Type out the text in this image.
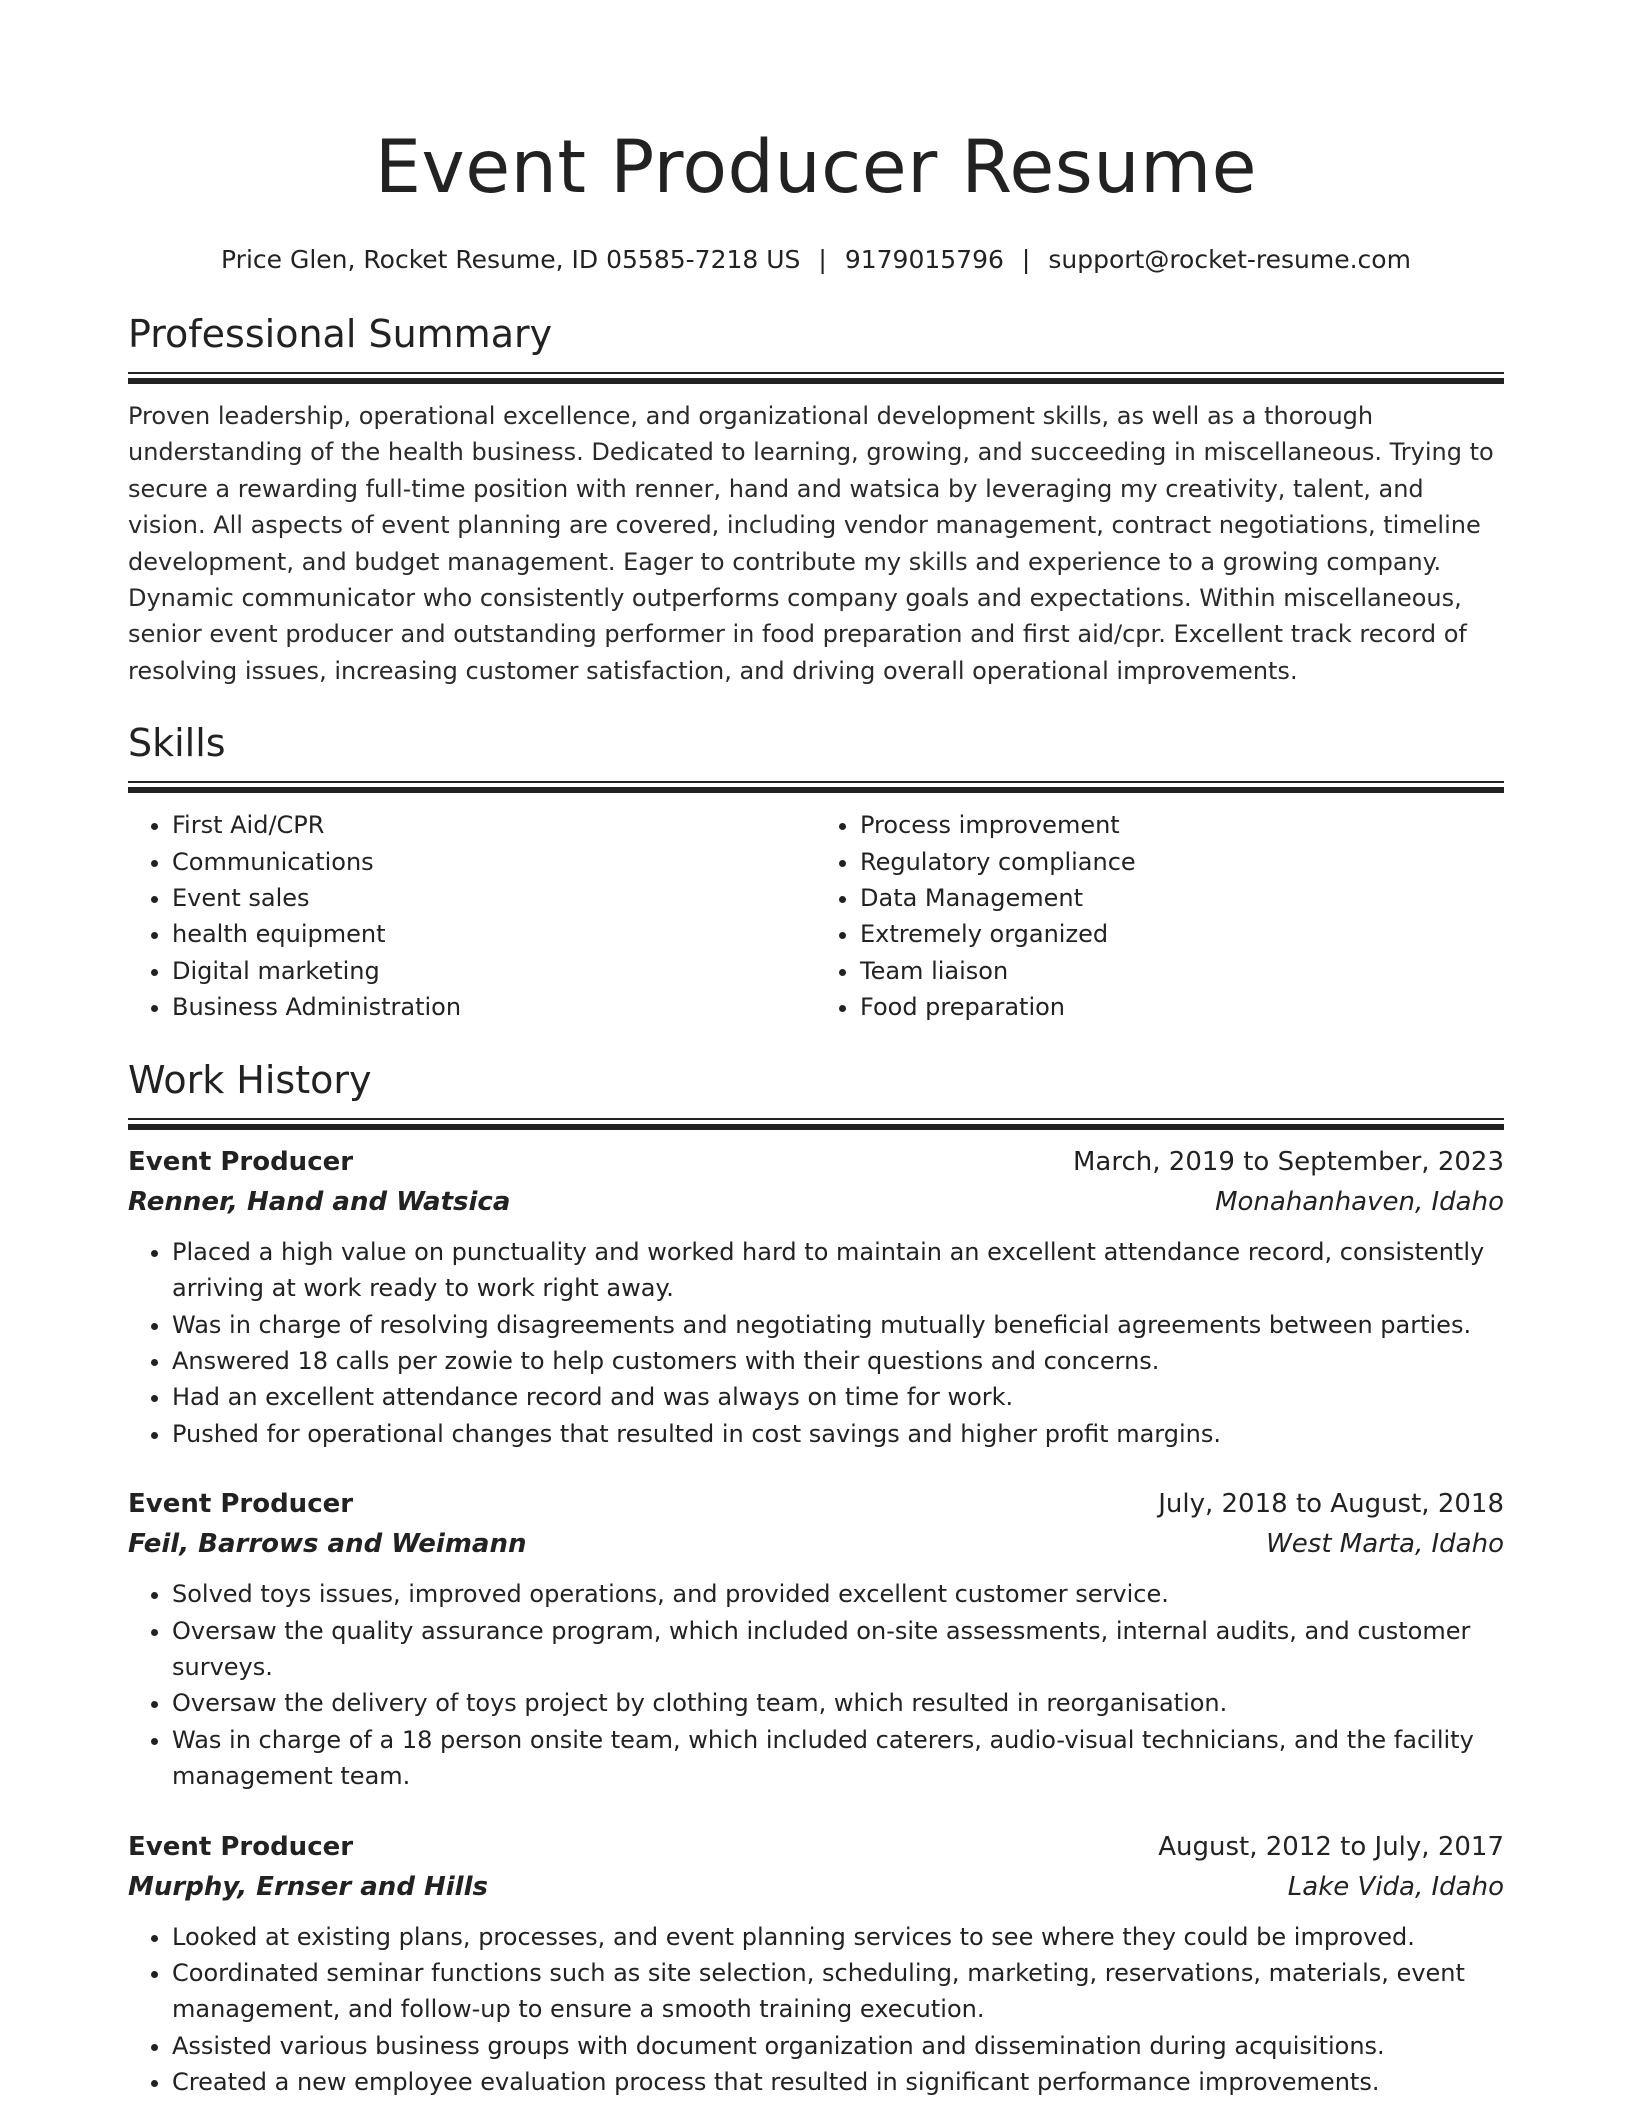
Event Producer Resume
Price Glen, Rocket Resume, ID 05585-7218 US | 9179015796 | support@rocket-resume.com
Professional Summary
Proven leadership, operational excellence, and organizational development skills, as well as a thorough understanding of the health business. Dedicated to learning, growing, and succeeding in miscellaneous. Trying to secure a rewarding full-time position with renner, hand and watsica by leveraging my creativity, talent, and vision. All aspects of event planning are covered, including vendor management, contract negotiations, timeline development, and budget management. Eager to contribute my skills and experience to a growing company. Dynamic communicator who consistently outperforms company goals and expectations. Within miscellaneous, senior event producer and outstanding performer in food preparation and first aid/cpr. Excellent track record of resolving issues, increasing customer satisfaction, and driving overall operational improvements.
Skills
• First Aid/CPR
• Communications
• Event sales
• health equipment
• Digital marketing
• Business Administration
• Process improvement
• Regulatory compliance
• Data Management
• Extremely organized
• Team liaison
• Food preparation
Work History
Event Producer	March, 2019 to September, 2023
Renner, Hand and Watsica	Monahanhaven, Idaho
• Placed a high value on punctuality and worked hard to maintain an excellent attendance record, consistently arriving at work ready to work right away.
• Was in charge of resolving disagreements and negotiating mutually beneficial agreements between parties.
• Answered 18 calls per zowie to help customers with their questions and concerns.
• Had an excellent attendance record and was always on time for work.
• Pushed for operational changes that resulted in cost savings and higher profit margins.
Event Producer	July, 2018 to August, 2018
Feil, Barrows and Weimann	West Marta, Idaho
• Solved toys issues, improved operations, and provided excellent customer service.
• Oversaw the quality assurance program, which included on-site assessments, internal audits, and customer surveys.
• Oversaw the delivery of toys project by clothing team, which resulted in reorganisation.
• Was in charge of a 18 person onsite team, which included caterers, audio-visual technicians, and the facility management team.
Event Producer	August, 2012 to July, 2017
Murphy, Ernser and Hills	Lake Vida, Idaho
• Looked at existing plans, processes, and event planning services to see where they could be improved.
• Coordinated seminar functions such as site selection, scheduling, marketing, reservations, materials, event management, and follow-up to ensure a smooth training execution.
• Assisted various business groups with document organization and dissemination during acquisitions.
• Created a new employee evaluation process that resulted in significant performance improvements.
